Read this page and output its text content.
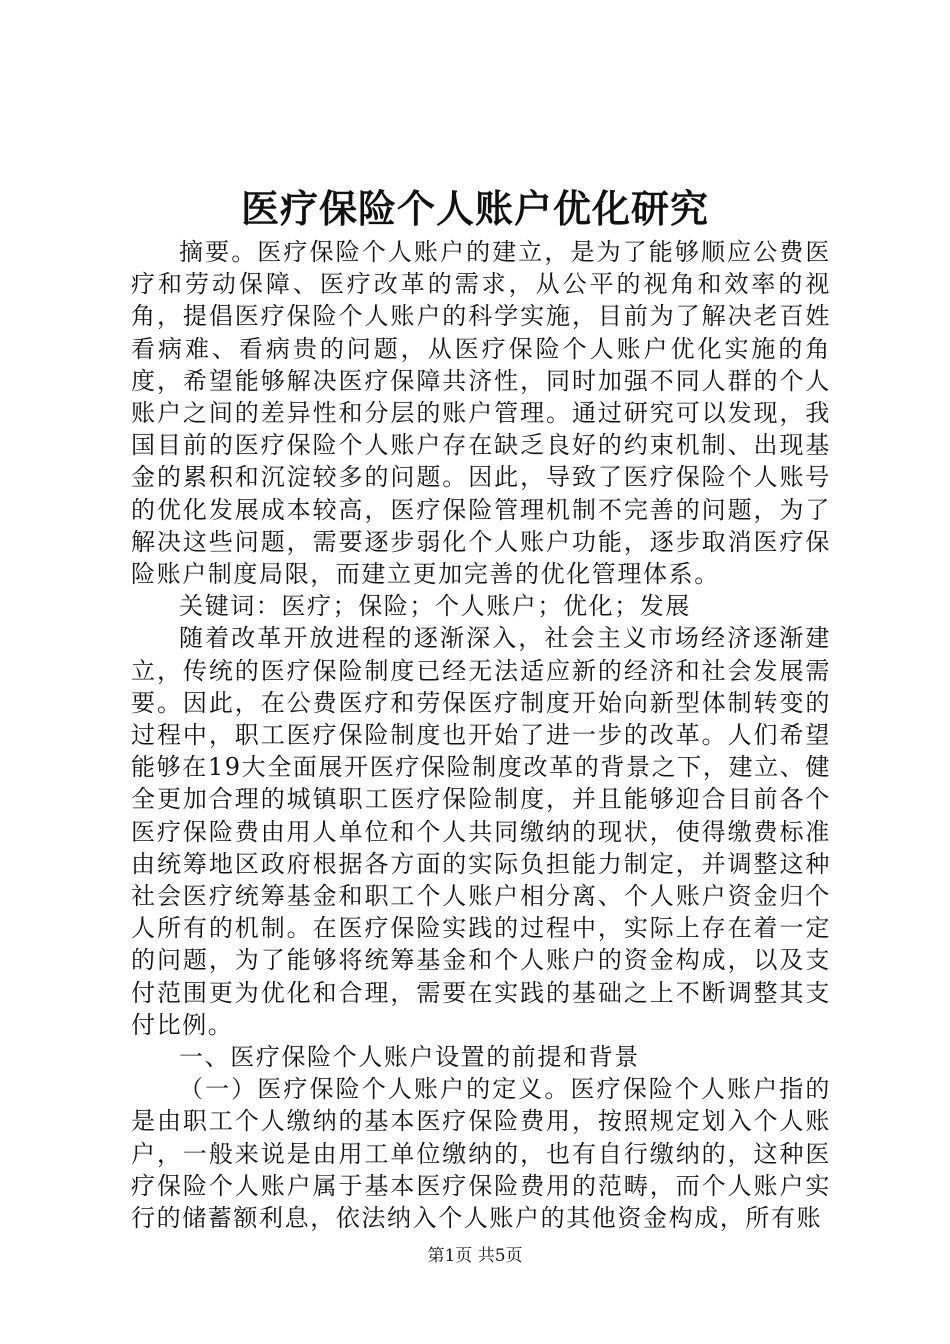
医疗保险个人账户优化研究

摘要。医疗保险个人账户的建立，是为了能够顺应公费医疗和劳动保障、医疗改革的需求，从公平的视角和效率的视角，提倡医疗保险个人账户的科学实施，目前为了解决老百姓看病难、看病贵的问题，从医疗保险个人账户优化实施的角度，希望能够解决医疗保障共济性，同时加强不同人群的个人账户之间的差异性和分层的账户管理。通过研究可以发现，我国目前的医疗保险个人账户存在缺乏良好的约束机制、出现基金的累积和沉淀较多的问题。因此，导致了医疗保险个人账号的优化发展成本较高，医疗保险管理机制不完善的问题，为了解决这些问题，需要逐步弱化个人账户功能，逐步取消医疗保险账户制度局限，而建立更加完善的优化管理体系。

关键词：医疗；保险；个人账户；优化；发展

随着改革开放进程的逐渐深入，社会主义市场经济逐渐建立，传统的医疗保险制度已经无法适应新的经济和社会发展需要。因此，在公费医疗和劳保医疗制度开始向新型体制转变的过程中，职工医疗保险制度也开始了进一步的改革。人们希望能够在19大全面展开医疗保险制度改革的背景之下，建立、健全更加合理的城镇职工医疗保险制度，并且能够迎合目前各个医疗保险费由用人单位和个人共同缴纳的现状，使得缴费标准由统筹地区政府根据各方面的实际负担能力制定，并调整这种社会医疗统筹基金和职工个人账户相分离、个人账户资金归个人所有的机制。在医疗保险实践的过程中，实际上存在着一定的问题，为了能够将统筹基金和个人账户的资金构成，以及支付范围更为优化和合理，需要在实践的基础之上不断调整其支付比例。

一、医疗保险个人账户设置的前提和背景

（一）医疗保险个人账户的定义。医疗保险个人账户指的是由职工个人缴纳的基本医疗保险费用，按照规定划入个人账户，一般来说是由用工单位缴纳的，也有自行缴纳的，这种医疗保险个人账户属于基本医疗保险费用的范畴，而个人账户实行的储蓄额利息，依法纳入个人账户的其他资金构成，所有账

第1页 共5页
